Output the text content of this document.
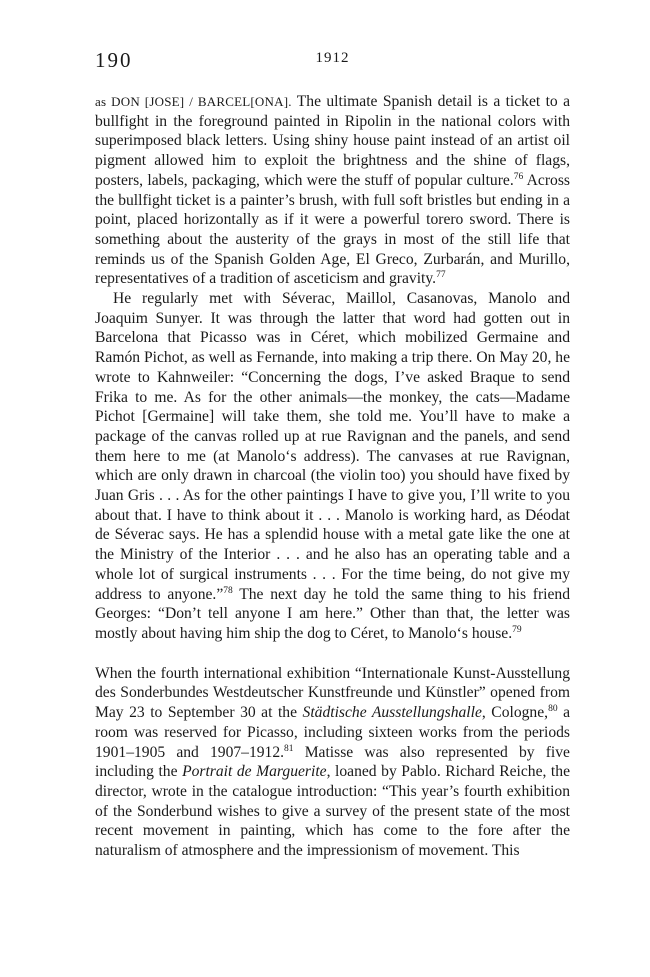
190	1912

as DON [JOSE] / BARCEL[ONA]. The ultimate Spanish detail is a ticket to a bullfight in the foreground painted in Ripolin in the national colors with superimposed black letters. Using shiny house paint instead of an artist oil pigment allowed him to exploit the brightness and the shine of flags, posters, labels, packaging, which were the stuff of popular culture.$^{76}$ Across the bullfight ticket is a painter’s brush, with full soft bristles but ending in a point, placed horizontally as if it were a powerful torero sword. There is something about the austerity of the grays in most of the still life that reminds us of the Spanish Golden Age, El Greco, Zurbarán, and Murillo, representatives of a tradition of asceticism and gravity.$^{77}$

He regularly met with Séverac, Maillol, Casanovas, Manolo and Joaquim Sunyer. It was through the latter that word had gotten out in Barcelona that Picasso was in Céret, which mobilized Germaine and Ramón Pichot, as well as Fernande, into making a trip there. On May 20, he wrote to Kahnweiler: “Concerning the dogs, I’ve asked Braque to send Frika to me. As for the other animals—the monkey, the cats—Madame Pichot [Germaine] will take them, she told me. You’ll have to make a package of the canvas rolled up at rue Ravignan and the panels, and send them here to me (at Manolo‘s address). The canvases at rue Ravignan, which are only drawn in charcoal (the violin too) you should have fixed by Juan Gris . . . As for the other paintings I have to give you, I’ll write to you about that. I have to think about it . . . Manolo is working hard, as Déodat de Séverac says. He has a splendid house with a metal gate like the one at the Ministry of the Interior . . . and he also has an operating table and a whole lot of surgical instruments . . . For the time being, do not give my address to anyone.”$^{78}$ The next day he told the same thing to his friend Georges: “Don’t tell anyone I am here.” Other than that, the letter was mostly about having him ship the dog to Céret, to Manolo‘s house.$^{79}$

When the fourth international exhibition “Internationale Kunst-Ausstellung des Sonderbundes Westdeutscher Kunstfreunde und Künstler” opened from May 23 to September 30 at the Städtische Ausstellungshalle, Cologne,$^{80}$ a room was reserved for Picasso, including sixteen works from the periods 1901–1905 and 1907–1912.81 Matisse was also represented by five including the Portrait de Marguerite, loaned by Pablo. Richard Reiche, the director, wrote in the catalogue introduction: “This year’s fourth exhibition of the Sonderbund wishes to give a survey of the present state of the most recent movement in painting, which has come to the fore after the naturalism of atmosphere and the impressionism of movement. This
